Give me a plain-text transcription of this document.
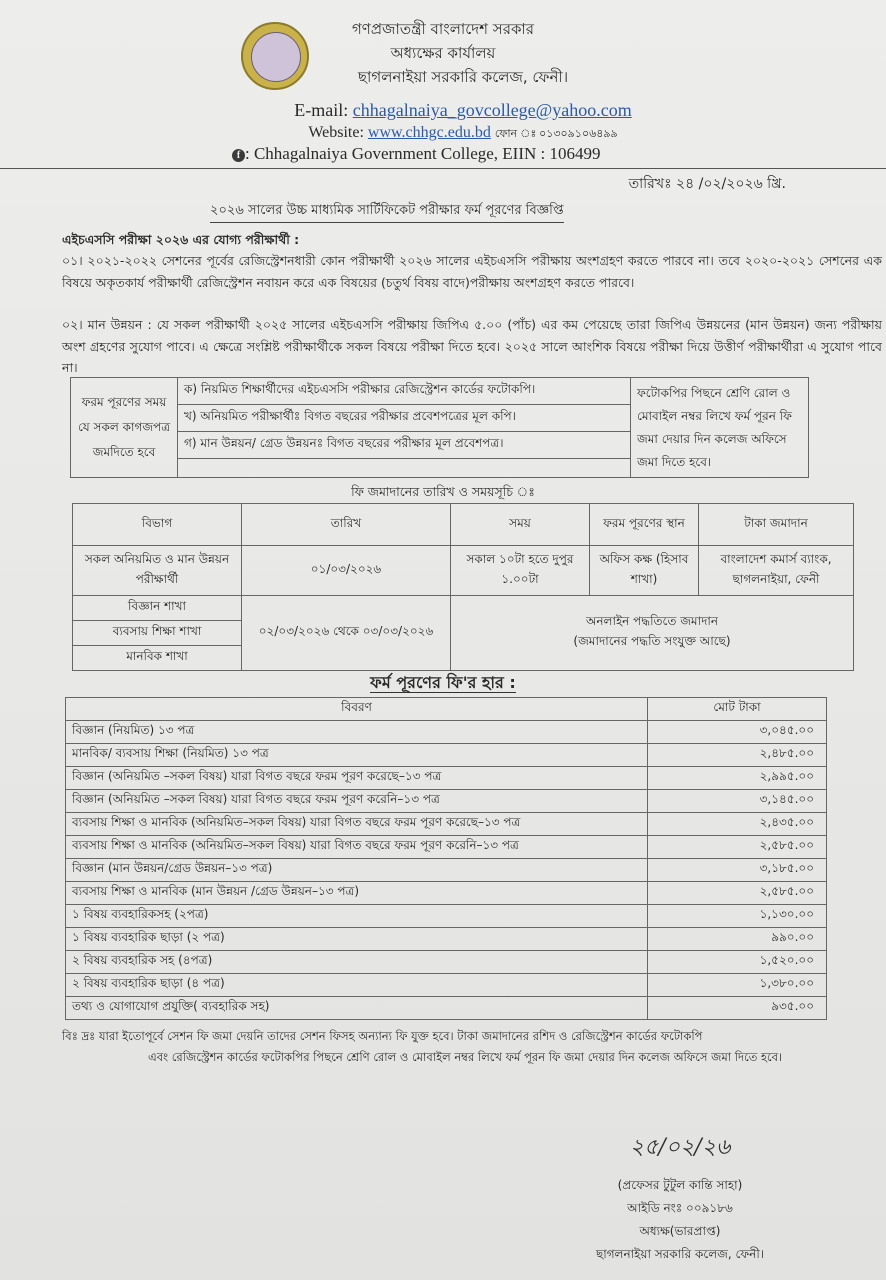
গণপ্রজাতন্ত্রী বাংলাদেশ সরকার
অধ্যক্ষের কার্যালয়
ছাগলনাইয়া সরকারি কলেজ, ফেনী।
E-mail: chhagalnaiya_govcollege@yahoo.com
Website: www.chhgc.edu.bd ফোন ঃ ০১৩০৯১০৬৪৯৯
f : Chhagalnaiya Government College, EIIN : 106499
তারিখঃ ২৪ /০২/২০২৬ খ্রি.
২০২৬ সালের উচ্চ মাধ্যমিক সার্টিফিকেট পরীক্ষার ফর্ম পূরণের বিজ্ঞপ্তি
এইচএসসি পরীক্ষা ২০২৬ এর যোগ্য পরীক্ষার্থী :
০১। ২০২১-২০২২ সেশনের পূর্বের রেজিস্ট্রেশনধারী কোন পরীক্ষার্থী ২০২৬ সালের এইচএসসি পরীক্ষায় অংশগ্রহণ করতে পারবে না। তবে ২০২০-২০২১ সেশনের এক বিষয়ে অকৃতকার্য পরীক্ষার্থী রেজিস্ট্রেশন নবায়ন করে এক বিষয়ের (চতুর্থ বিষয় বাদে)পরীক্ষায় অংশগ্রহণ করতে পারবে।
০২। মান উন্নয়ন : যে সকল পরীক্ষার্থী ২০২৫ সালের এইচএসসি পরীক্ষায় জিপিএ ৫.০০ (পাঁচ) এর কম পেয়েছে তারা জিপিএ উন্নয়নের (মান উন্নয়ন) জন্য পরীক্ষায় অংশ গ্রহণের সুযোগ পাবে। এ ক্ষেত্রে সংশ্লিষ্ট পরীক্ষার্থীকে সকল বিষয়ে পরীক্ষা দিতে হবে। ২০২৫ সালে আংশিক বিষয়ে পরীক্ষা দিয়ে উত্তীর্ণ পরীক্ষার্থীরা এ সুযোগ পাবে না।
ফরম পূরণের সময় যে সকল কাগজপত্র জমদিতে হবে	ক) নিয়মিত শিক্ষার্থীদের এইচএসসি পরীক্ষার রেজিস্ট্রেশন কার্ডের ফটোকপি।	ফটোকপির পিছনে শ্রেণি রোল ও মোবাইল নম্বর লিখে ফর্ম পূরন ফি জমা দেয়ার দিন কলেজ অফিসে জমা দিতে হবে।
খ) অনিয়মিত পরীক্ষার্থীঃ বিগত বছরের পরীক্ষার প্রবেশপত্রের মূল কপি।
গ) মান উন্নয়ন/ গ্রেড উন্নয়নঃ বিগত বছরের পরীক্ষার মূল প্রবেশপত্র।

ফি জমাদানের তারিখ ও সময়সূচি ঃ
বিভাগ	তারিখ	সময়	ফরম পূরণের স্থান	টাকা জমাদান
সকল অনিয়মিত ও মান উন্নয়ন পরীক্ষার্থী	০১/০৩/২০২৬	সকাল ১০টা হতে দুপুর ১.০০টা	অফিস কক্ষ (হিসাব শাখা)	বাংলাদেশ কমার্স ব্যাংক, ছাগলনাইয়া, ফেনী
বিজ্ঞান শাখা	০২/০৩/২০২৬ থেকে ০৩/০৩/২০২৬	অনলাইন পদ্ধতিতে জমাদান
(জমাদানের পদ্ধতি সংযুক্ত আছে)		

ব্যবসায় শিক্ষা শাখা				
মানবিক শাখা				
ফর্ম পূরণের ফি'র হার :
বিবরণ	মোট টাকা
বিজ্ঞান (নিয়মিত) ১৩ পত্র	৩,০৪৫.০০
মানবিক/ ব্যবসায় শিক্ষা (নিয়মিত) ১৩ পত্র	২,৪৮৫.০০
বিজ্ঞান (অনিয়মিত –সকল বিষয়) যারা বিগত বছরে ফরম পূরণ করেছে–১৩ পত্র	২,৯৯৫.০০
বিজ্ঞান (অনিয়মিত –সকল বিষয়) যারা বিগত বছরে ফরম পূরণ করেনি–১৩ পত্র	৩,১৪৫.০০
ব্যবসায় শিক্ষা ও মানবিক (অনিয়মিত–সকল বিষয়) যারা বিগত বছরে ফরম পূরণ করেছে–১৩ পত্র	২,৪৩৫.০০
ব্যবসায় শিক্ষা ও মানবিক (অনিয়মিত–সকল বিষয়) যারা বিগত বছরে ফরম পূরণ করেনি–১৩ পত্র	২,৫৮৫.০০
বিজ্ঞান (মান উন্নয়ন/গ্রেড উন্নয়ন–১৩ পত্র)	৩,১৮৫.০০
ব্যবসায় শিক্ষা ও মানবিক (মান উন্নয়ন /গ্রেড উন্নয়ন–১৩ পত্র)	২,৫৮৫.০০
১ বিষয় ব্যবহারিকসহ (২পত্র)	১,১৩০.০০
১ বিষয় ব্যবহারিক ছাড়া (২ পত্র)	৯৯০.০০
২ বিষয় ব্যবহারিক সহ (৪পত্র)	১,৫২০.০০
২ বিষয় ব্যবহারিক ছাড়া (৪ পত্র)	১,৩৮০.০০
তথ্য ও যোগাযোগ প্রযুক্তি( ব্যবহারিক সহ)	৯৩৫.০০
বিঃ দ্রঃ যারা ইতোপূর্বে সেশন ফি জমা দেয়নি তাদের সেশন ফিসহ অন্যান্য ফি যুক্ত হবে। টাকা জমাদানের রশিদ ও রেজিস্ট্রেশন কার্ডের ফটোকপি
এবং রেজিস্ট্রেশন কার্ডের ফটোকপির পিছনে শ্রেণি রোল ও মোবাইল নম্বর লিখে ফর্ম পূরন ফি জমা দেয়ার দিন কলেজ অফিসে জমা দিতে হবে।
২৫/০২/২৬
(প্রফেসর টুটুল কান্তি সাহা)
আইডি নংঃ ০০৯১৮৬
অধ্যক্ষ(ভারপ্রাপ্ত)
ছাগলনাইয়া সরকারি কলেজ, ফেনী।
